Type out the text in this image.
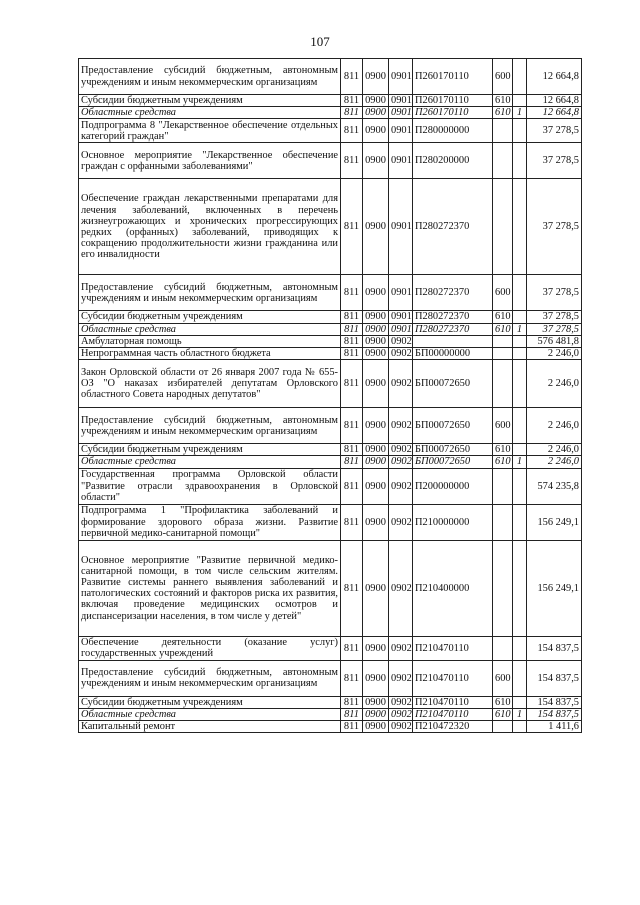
107
Предоставление субсидий бюджетным, автономным учреждениям и иным некоммерческим организациям	811	0900	0901	П260170110	600		12 664,8
Субсидии бюджетным учреждениям	811	0900	0901	П260170110	610		12 664,8
Областные средства	811	0900	0901	П260170110	610	1	12 664,8
Подпрограмма 8 "Лекарственное обеспечение отдельных категорий граждан"	811	0900	0901	П280000000			37 278,5
Основное мероприятие "Лекарственное обеспечение граждан с орфанными заболеваниями"	811	0900	0901	П280200000			37 278,5
Обеспечение граждан лекарственными препаратами для лечения заболеваний, включенных в перечень жизнеугрожающих и хронических прогрессирующих редких (орфанных) заболеваний, приводящих к сокращению продолжительности жизни гражданина или его инвалидности	811	0900	0901	П280272370			37 278,5
Предоставление субсидий бюджетным, автономным учреждениям и иным некоммерческим организациям	811	0900	0901	П280272370	600		37 278,5
Субсидии бюджетным учреждениям	811	0900	0901	П280272370	610		37 278,5
Областные средства	811	0900	0901	П280272370	610	1	37 278,5
Амбулаторная помощь	811	0900	0902				576 481,8
Непрограммная часть областного бюджета	811	0900	0902	БП00000000			2 246,0
Закон Орловской области от 26 января 2007 года № 655-ОЗ "О наказах избирателей депутатам Орловского областного Совета народных депутатов"	811	0900	0902	БП00072650			2 246,0
Предоставление субсидий бюджетным, автономным учреждениям и иным некоммерческим организациям	811	0900	0902	БП00072650	600		2 246,0
Субсидии бюджетным учреждениям	811	0900	0902	БП00072650	610		2 246,0
Областные средства	811	0900	0902	БП00072650	610	1	2 246,0
Государственная программа Орловской области "Развитие отрасли здравоохранения в Орловской области"	811	0900	0902	П200000000			574 235,8
Подпрограмма 1 "Профилактика заболеваний и формирование здорового образа жизни. Развитие первичной медико-санитарной помощи"	811	0900	0902	П210000000			156 249,1
Основное мероприятие "Развитие первичной медико-санитарной помощи, в том числе сельским жителям. Развитие системы раннего выявления заболеваний и патологических состояний и факторов риска их развития, включая проведение медицинских осмотров и диспансеризации населения, в том числе у детей"	811	0900	0902	П210400000			156 249,1
Обеспечение деятельности (оказание услуг) государственных учреждений	811	0900	0902	П210470110			154 837,5
Предоставление субсидий бюджетным, автономным учреждениям и иным некоммерческим организациям	811	0900	0902	П210470110	600		154 837,5
Субсидии бюджетным учреждениям	811	0900	0902	П210470110	610		154 837,5
Областные средства	811	0900	0902	П210470110	610	1	154 837,5
Капитальный ремонт	811	0900	0902	П210472320			1 411,6
